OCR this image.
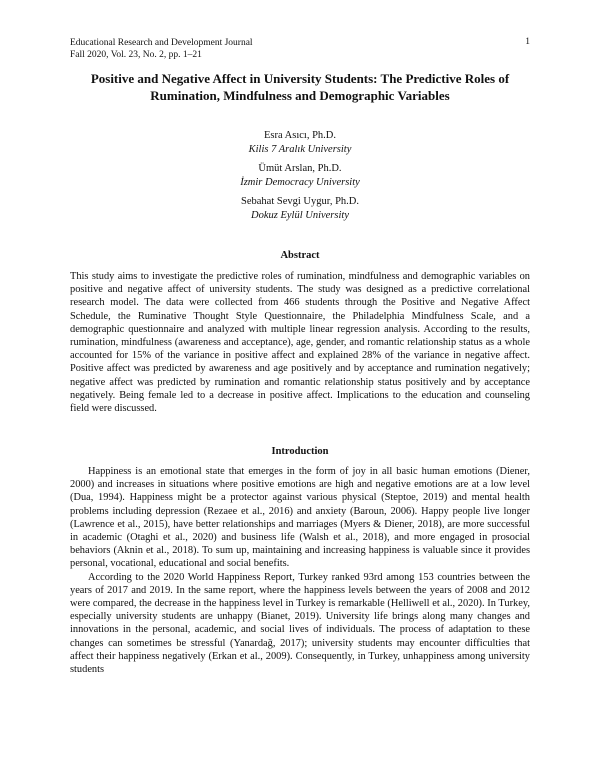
Educational Research and Development Journal
Fall 2020, Vol. 23, No. 2, pp. 1–21
1
Positive and Negative Affect in University Students: The Predictive Roles of Rumination, Mindfulness and Demographic Variables
Esra Asıcı, Ph.D.
Kilis 7 Aralık University
Ümüt Arslan, Ph.D.
İzmir Democracy University
Sebahat Sevgi Uygur, Ph.D.
Dokuz Eylül University
Abstract

This study aims to investigate the predictive roles of rumination, mindfulness and demographic variables on positive and negative affect of university students. The study was designed as a predictive correlational research model. The data were collected from 466 students through the Positive and Negative Affect Schedule, the Ruminative Thought Style Questionnaire, the Philadelphia Mindfulness Scale, and a demographic questionnaire and analyzed with multiple linear regression analysis. According to the results, rumination, mindfulness (awareness and acceptance), age, gender, and romantic relationship status as a whole accounted for 15% of the variance in positive affect and explained 28% of the variance in negative affect. Positive affect was predicted by awareness and age positively and by acceptance and rumination negatively; negative affect was predicted by rumination and romantic relationship status positively and by acceptance negatively. Being female led to a decrease in positive affect. Implications to the education and counseling field were discussed.

Introduction

Happiness is an emotional state that emerges in the form of joy in all basic human emotions (Diener, 2000) and increases in situations where positive emotions are high and negative emotions are at a low level (Dua, 1994). Happiness might be a protector against various physical (Steptoe, 2019) and mental health problems including depression (Rezaee et al., 2016) and anxiety (Baroun, 2006). Happy people live longer (Lawrence et al., 2015), have better relationships and marriages (Myers & Diener, 2018), are more successful in academic (Otaghi et al., 2020) and business life (Walsh et al., 2018), and more engaged in prosocial behaviors (Aknin et al., 2018). To sum up, maintaining and increasing happiness is valuable since it provides personal, vocational, educational and social benefits.

According to the 2020 World Happiness Report, Turkey ranked 93rd among 153 countries between the years of 2017 and 2019. In the same report, where the happiness levels between the years of 2008 and 2012 were compared, the decrease in the happiness level in Turkey is remarkable (Helliwell et al., 2020). In Turkey, especially university students are unhappy (Bianet, 2019). University life brings along many changes and innovations in the personal, academic, and social lives of individuals. The process of adaptation to these changes can sometimes be stressful (Yanardağ, 2017); university students may encounter difficulties that affect their happiness negatively (Erkan et al., 2009). Consequently, in Turkey, unhappiness among university students
